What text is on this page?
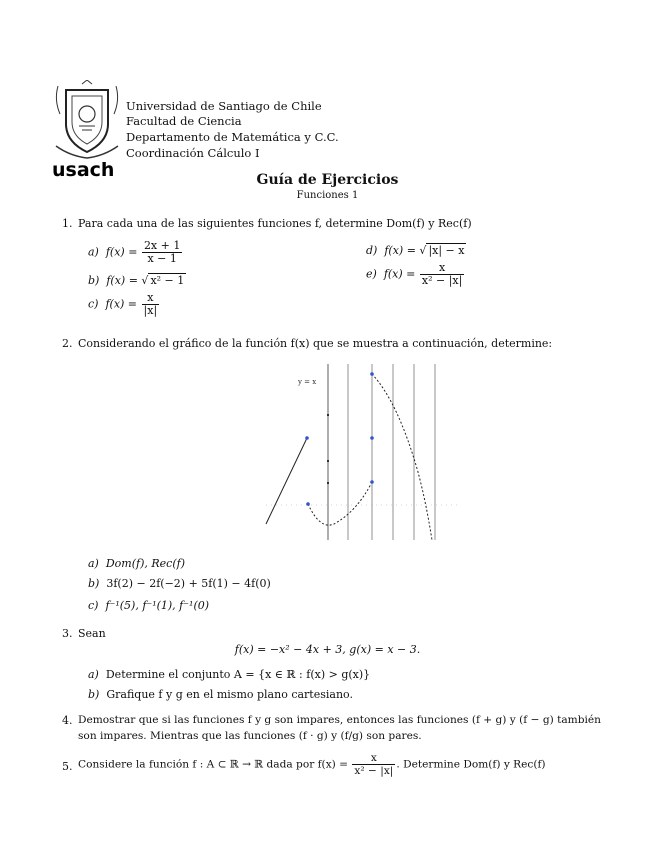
usach
Universidad de Santiago de Chile
Facultad de Ciencia
Departamento de Matemática y C.C.
Coordinación Cálculo I
Guía de Ejercicios
Funciones 1
1. Para cada una de las siguientes funciones f, determine Dom(f) y Rec(f)
a) $f(x) = \frac{2x + 1}{x - 1}$
b) f(x) = √ x² − 1
c) $f(x) = \frac{x}{|x|}$
d) f(x) = √ |x| − x
e) $f(x) = \frac{x}{\text{x² − |x|}}$
2. Considerando el gráfico de la función f(x) que se muestra a continuación, determine:
y = x
a) Dom(f), Rec(f)
b) 3f(2) − 2f(−2) + 5f(1) − 4f(0)
c) f⁻¹(5), f⁻¹(1), f⁻¹(0)
3. Sean
f(x) = −x² − 4x + 3, g(x) = x − 3.
a) Determine el conjunto A = {x ∈ ℝ : f(x) > g(x)}
b) Grafique f y g en el mismo plano cartesiano.
4. Demostrar que si las funciones f y g son impares, entonces las funciones (f + g) y (f − g) también
son impares. Mientras que las funciones (f · g) y (f/g) son pares.
5. Considere la función f : A ⊂ ℝ → ℝ dada por $f(x) = \frac{x}{\text{x² − |x|}}$ . Determine Dom(f) y Rec(f)
